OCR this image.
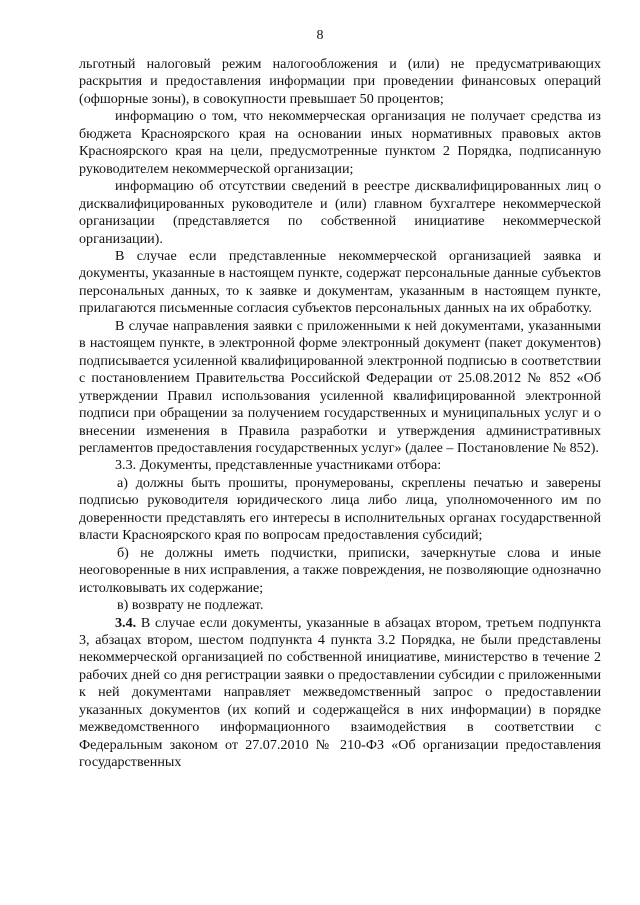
8

льготный налоговый режим налогообложения и (или) не предусматривающих раскрытия и предоставления информации при проведении финансовых операций (офшорные зоны), в совокупности превышает 50 процентов;

информацию о том, что некоммерческая организация не получает средства из бюджета Красноярского края на основании иных нормативных правовых актов Красноярского края на цели, предусмотренные пунктом 2 Порядка, подписанную руководителем некоммерческой организации;

информацию об отсутствии сведений в реестре дисквалифицированных лиц о дисквалифицированных руководителе и (или) главном бухгалтере некоммерческой организации (представляется по собственной инициативе некоммерческой организации).

В случае если представленные некоммерческой организацией заявка и документы, указанные в настоящем пункте, содержат персональные данные субъектов персональных данных, то к заявке и документам, указанным в настоящем пункте, прилагаются письменные согласия субъектов персональных данных на их обработку.

В случае направления заявки с приложенными к ней документами, указанными в настоящем пункте, в электронной форме электронный документ (пакет документов) подписывается усиленной квалифицированной электронной подписью в соответствии с постановлением Правительства Российской Федерации от 25.08.2012 № 852 «Об утверждении Правил использования усиленной квалифицированной электронной подписи при обращении за получением государственных и муниципальных услуг и о внесении изменения в Правила разработки и утверждения административных регламентов предоставления государственных услуг» (далее – Постановление № 852).

3.3. Документы, представленные участниками отбора:

а) должны быть прошиты, пронумерованы, скреплены печатью и заверены подписью руководителя юридического лица либо лица, уполномоченного им по доверенности представлять его интересы в исполнительных органах государственной власти Красноярского края по вопросам предоставления субсидий;

б) не должны иметь подчистки, приписки, зачеркнутые слова и иные неоговоренные в них исправления, а также повреждения, не позволяющие однозначно истолковывать их содержание;

в) возврату не подлежат.

3.4. В случае если документы, указанные в абзацах втором, третьем подпункта 3, абзацах втором, шестом подпункта 4 пункта 3.2 Порядка, не были представлены некоммерческой организацией по собственной инициативе, министерство в течение 2 рабочих дней со дня регистрации заявки о предоставлении субсидии с приложенными к ней документами направляет межведомственный запрос о предоставлении указанных документов (их копий и содержащейся в них информации) в порядке межведомственного информационного взаимодействия в соответствии с Федеральным законом от 27.07.2010 № 210-ФЗ «Об организации предоставления государственных
